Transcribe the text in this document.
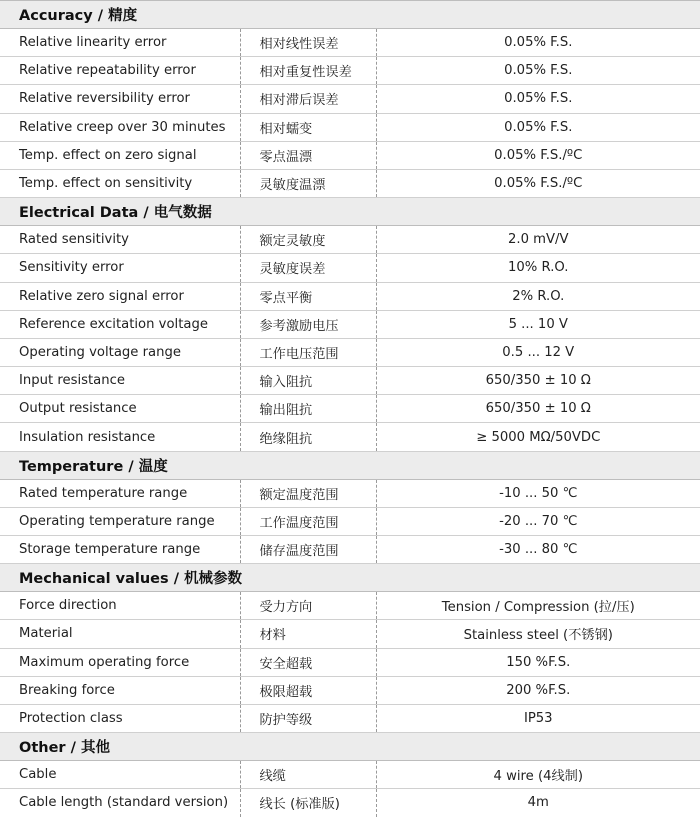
Accuracy / 精度		
Relative linearity error	相对线性误差	0.05% F.S.
Relative repeatability error	相对重复性误差	0.05% F.S.
Relative reversibility error	相对滞后误差	0.05% F.S.
Relative creep over 30 minutes	相对蠕变	0.05% F.S.
Temp. effect on zero signal	零点温漂	0.05% F.S./ºC
Temp. effect on sensitivity	灵敏度温漂	0.05% F.S./ºC
Electrical Data / 电气数据		
Rated sensitivity	额定灵敏度	2.0 mV/V
Sensitivity error	灵敏度误差	10% R.O.
Relative zero signal error	零点平衡	2% R.O.
Reference excitation voltage	参考激励电压	5 ... 10 V
Operating voltage range	工作电压范围	0.5 ... 12 V
Input resistance	输入阻抗	650/350 ± 10 Ω
Output resistance	输出阻抗	650/350 ± 10 Ω
Insulation resistance	绝缘阻抗	≥ 5000 MΩ/50VDC
Temperature / 温度		
Rated temperature range	额定温度范围	-10 ... 50 ℃
Operating temperature range	工作温度范围	-20 ... 70 ℃
Storage temperature range	储存温度范围	-30 ... 80 ℃
Mechanical values / 机械参数		
Force direction	受力方向	Tension / Compression (拉/压)
Material	材料	Stainless steel (不锈钢)
Maximum operating force	安全超载	150 %F.S.
Breaking force	极限超载	200 %F.S.
Protection class	防护等级	IP53
Other / 其他		
Cable	线缆	4 wire (4线制)
Cable length (standard version)	线长 (标准版)	4m
